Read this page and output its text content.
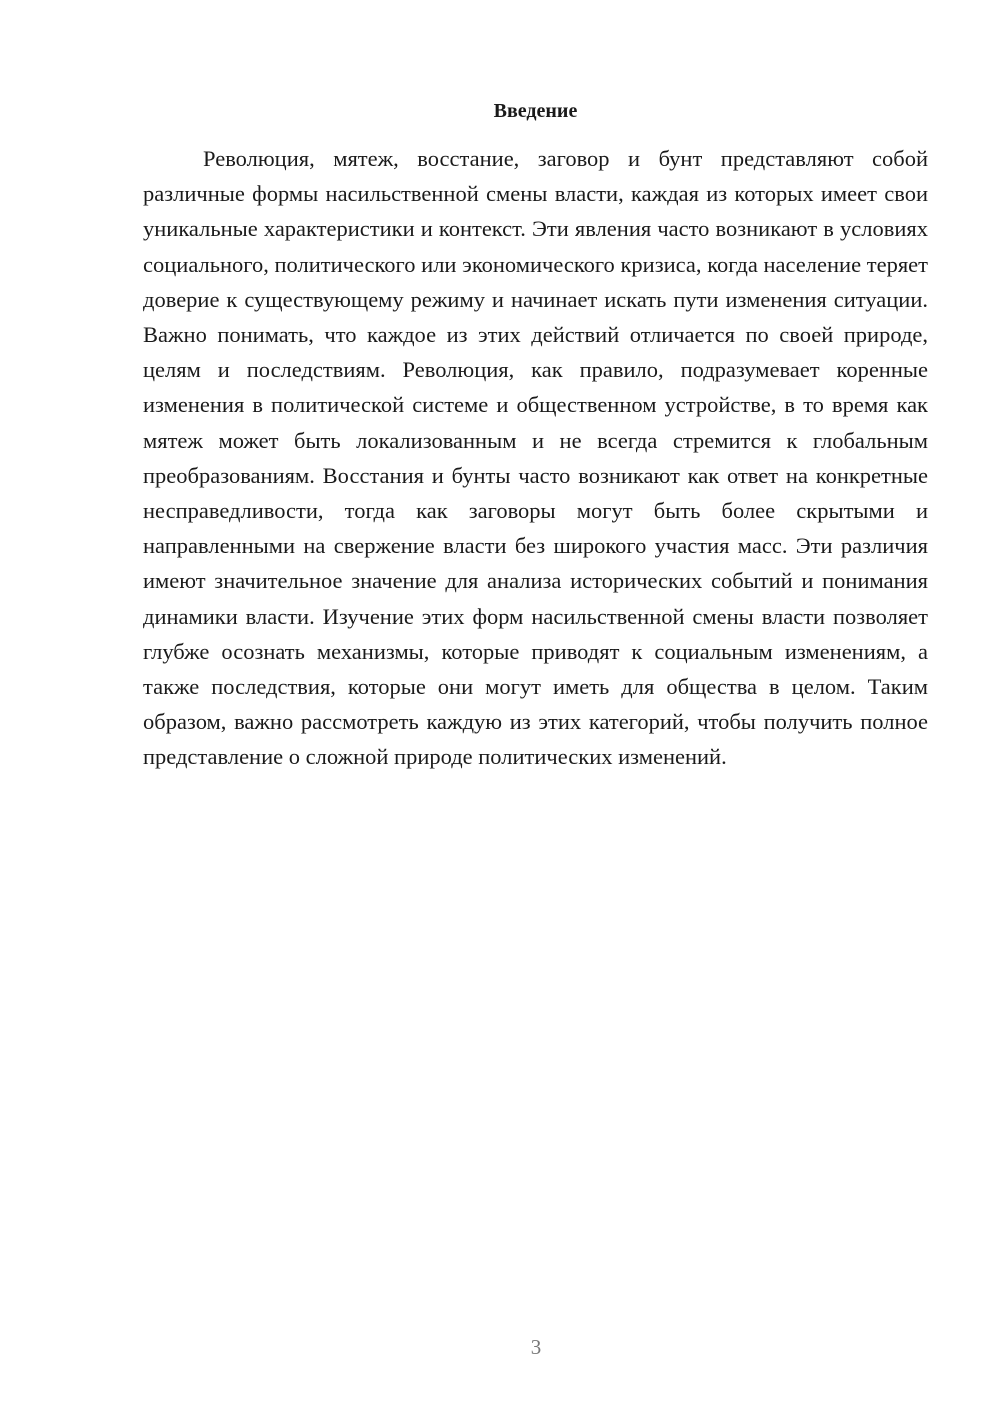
Введение

Революция, мятеж, восстание, заговор и бунт представляют собой различные формы насильственной смены власти, каждая из которых имеет свои уникальные характеристики и контекст. Эти явления часто возникают в условиях социального, политического или экономического кризиса, когда население теряет доверие к существующему режиму и начинает искать пути изменения ситуации. Важно понимать, что каждое из этих действий отличается по своей природе, целям и последствиям. Революция, как правило, подразумевает коренные изменения в политической системе и общественном устройстве, в то время как мятеж может быть локализованным и не всегда стремится к глобальным преобразованиям. Восстания и бунты часто возникают как ответ на конкретные несправедливости, тогда как заговоры могут быть более скрытыми и направленными на свержение власти без широкого участия масс. Эти различия имеют значительное значение для анализа исторических событий и понимания динамики власти. Изучение этих форм насильственной смены власти позволяет глубже осознать механизмы, которые приводят к социальным изменениям, а также последствия, которые они могут иметь для общества в целом. Таким образом, важно рассмотреть каждую из этих категорий, чтобы получить полное представление о сложной природе политических изменений.

3
